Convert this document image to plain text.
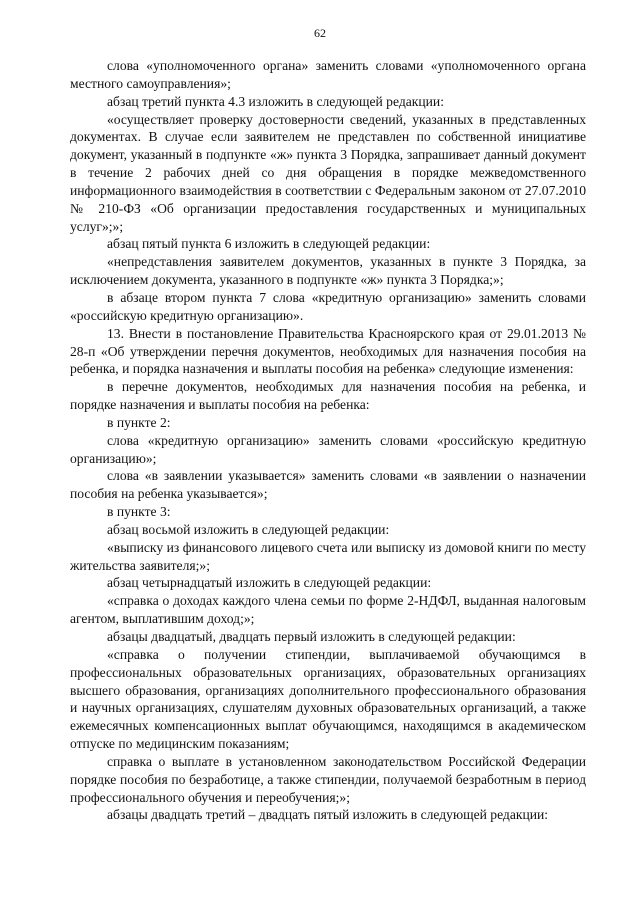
62

слова «уполномоченного органа» заменить словами «уполномоченного органа местного самоуправления»;

абзац третий пункта 4.3 изложить в следующей редакции:

«осуществляет проверку достоверности сведений, указанных в представленных документах. В случае если заявителем не представлен по собственной инициативе документ, указанный в подпункте «ж» пункта 3 Порядка, запрашивает данный документ в течение 2 рабочих дней со дня обращения в порядке межведомственного информационного взаимодействия в соответствии с Федеральным законом от 27.07.2010 № 210-ФЗ «Об организации предоставления государственных и муниципальных услуг»;»;

абзац пятый пункта 6 изложить в следующей редакции:

«непредставления заявителем документов, указанных в пункте 3 Порядка, за исключением документа, указанного в подпункте «ж» пункта 3 Порядка;»;

в абзаце втором пункта 7 слова «кредитную организацию» заменить словами «российскую кредитную организацию».

13. Внести в постановление Правительства Красноярского края от 29.01.2013 № 28-п «Об утверждении перечня документов, необходимых для назначения пособия на ребенка, и порядка назначения и выплаты пособия на ребенка» следующие изменения:

в перечне документов, необходимых для назначения пособия на ребенка, и порядке назначения и выплаты пособия на ребенка:

в пункте 2:

слова «кредитную организацию» заменить словами «российскую кредитную организацию»;

слова «в заявлении указывается» заменить словами «в заявлении о назначении пособия на ребенка указывается»;

в пункте 3:

абзац восьмой изложить в следующей редакции:

«выписку из финансового лицевого счета или выписку из домовой книги по месту жительства заявителя;»;

абзац четырнадцатый изложить в следующей редакции:

«справка о доходах каждого члена семьи по форме 2-НДФЛ, выданная налоговым агентом, выплатившим доход;»;

абзацы двадцатый, двадцать первый изложить в следующей редакции:

«справка о получении стипендии, выплачиваемой обучающимся в профессиональных образовательных организациях, образовательных организациях высшего образования, организациях дополнительного профессионального образования и научных организациях, слушателям духовных образовательных организаций, а также ежемесячных компенсационных выплат обучающимся, находящимся в академическом отпуске по медицинским показаниям;

справка о выплате в установленном законодательством Российской Федерации порядке пособия по безработице, а также стипендии, получаемой безработным в период профессионального обучения и переобучения;»;

абзацы двадцать третий – двадцать пятый изложить в следующей редакции:
